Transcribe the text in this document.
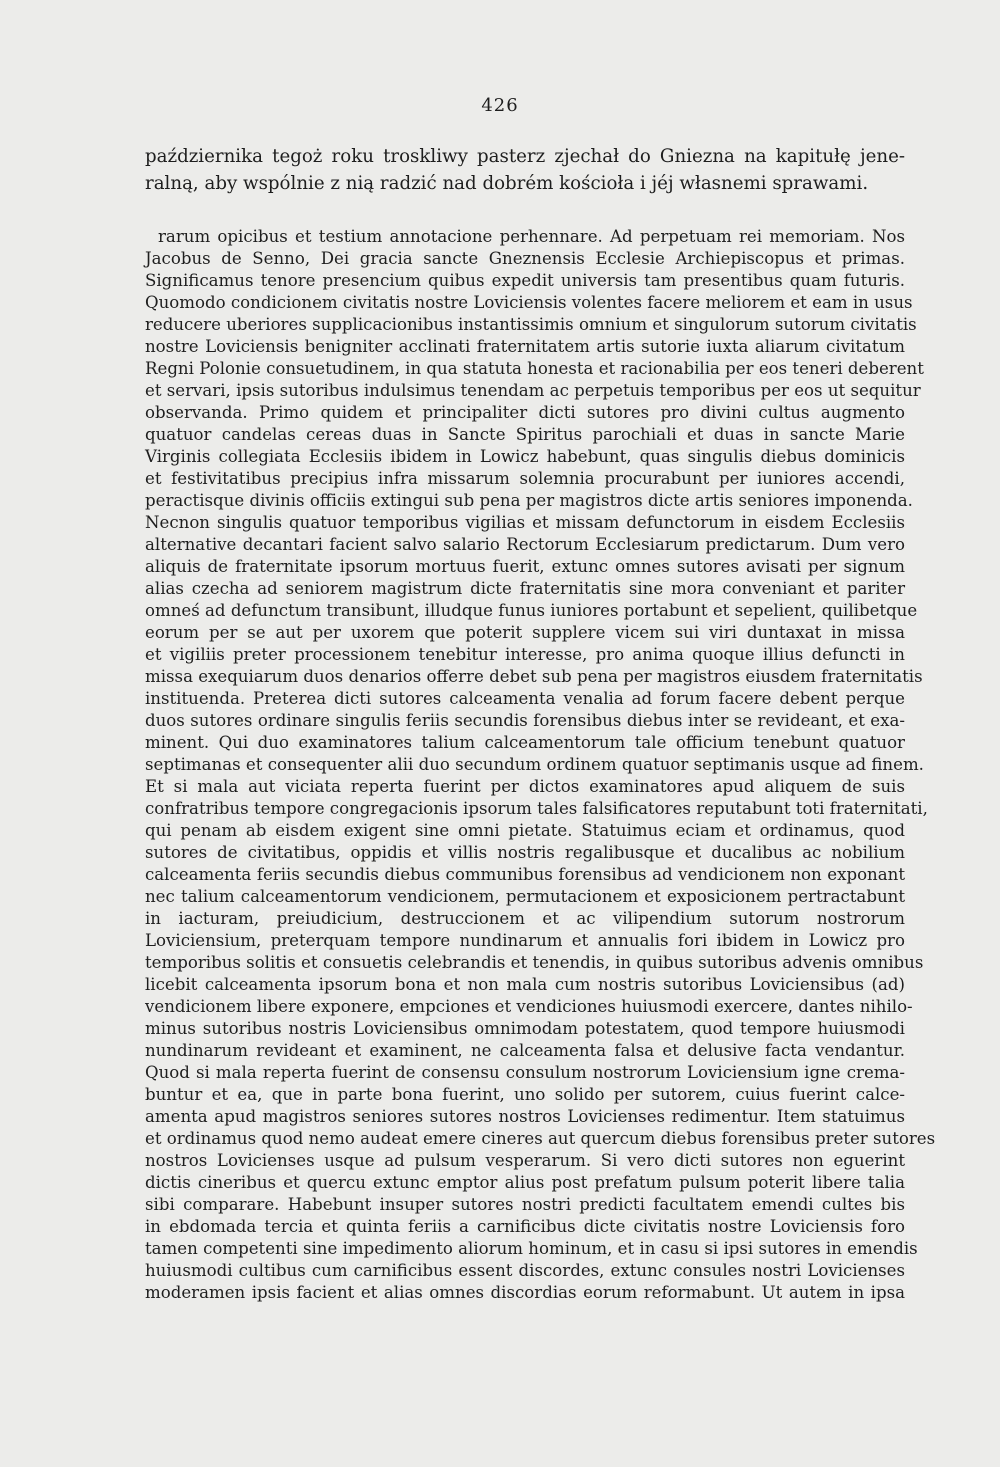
426
października tegoż roku troskliwy pasterz zjechał do Gniezna na kapitułę jene-
ralną, aby wspólnie z nią radzić nad dobrém kościoła i jéj własnemi sprawami.
rarum opicibus et testium annotacione perhennare. Ad perpetuam rei memoriam. Nos
Jacobus de Senno, Dei gracia sancte Gneznensis Ecclesie Archiepiscopus et primas.
Significamus tenore presencium quibus expedit universis tam presentibus quam futuris.
Quomodo condicionem civitatis nostre Loviciensis volentes facere meliorem et eam in usus
reducere uberiores supplicacionibus instantissimis omnium et singulorum sutorum civitatis
nostre Loviciensis benigniter acclinati fraternitatem artis sutorie iuxta aliarum civitatum
Regni Polonie consuetudinem, in qua statuta honesta et racionabilia per eos teneri deberent
et servari, ipsis sutoribus indulsimus tenendam ac perpetuis temporibus per eos ut sequitur
observanda. Primo quidem et principaliter dicti sutores pro divini cultus augmento
quatuor candelas cereas duas in Sancte Spiritus parochiali et duas in sancte Marie
Virginis collegiata Ecclesiis ibidem in Lowicz habebunt, quas singulis diebus dominicis
et festivitatibus precipius infra missarum solemnia procurabunt per iuniores accendi,
peractisque divinis officiis extingui sub pena per magistros dicte artis seniores imponenda.
Necnon singulis quatuor temporibus vigilias et missam defunctorum in eisdem Ecclesiis
alternative decantari facient salvo salario Rectorum Ecclesiarum predictarum. Dum vero
aliquis de fraternitate ipsorum mortuus fuerit, extunc omnes sutores avisati per signum
alias czecha ad seniorem magistrum dicte fraternitatis sine mora conveniant et pariter
omneś ad defunctum transibunt, illudque funus iuniores portabunt et sepelient, quilibetque
eorum per se aut per uxorem que poterit supplere vicem sui viri duntaxat in missa
et vigiliis preter processionem tenebitur interesse, pro anima quoque illius defuncti in
missa exequiarum duos denarios offerre debet sub pena per magistros eiusdem fraternitatis
instituenda. Preterea dicti sutores calceamenta venalia ad forum facere debent perque
duos sutores ordinare singulis feriis secundis forensibus diebus inter se revideant, et exa-
minent. Qui duo examinatores talium calceamentorum tale officium tenebunt quatuor
septimanas et consequenter alii duo secundum ordinem quatuor septimanis usque ad finem.
Et si mala aut viciata reperta fuerint per dictos examinatores apud aliquem de suis
confratribus tempore congregacionis ipsorum tales falsificatores reputabunt toti fraternitati,
qui penam ab eisdem exigent sine omni pietate. Statuimus eciam et ordinamus, quod
sutores de civitatibus, oppidis et villis nostris regalibusque et ducalibus ac nobilium
calceamenta feriis secundis diebus communibus forensibus ad vendicionem non exponant
nec talium calceamentorum vendicionem, permutacionem et exposicionem pertractabunt
in iacturam, preiudicium, destruccionem et ac vilipendium sutorum nostrorum
Loviciensium, preterquam tempore nundinarum et annualis fori ibidem in Lowicz pro
temporibus solitis et consuetis celebrandis et tenendis, in quibus sutoribus advenis omnibus
licebit calceamenta ipsorum bona et non mala cum nostris sutoribus Loviciensibus (ad)
vendicionem libere exponere, empciones et vendiciones huiusmodi exercere, dantes nihilo-
minus sutoribus nostris Loviciensibus omnimodam potestatem, quod tempore huiusmodi
nundinarum revideant et examinent, ne calceamenta falsa et delusive facta vendantur.
Quod si mala reperta fuerint de consensu consulum nostrorum Loviciensium igne crema-
buntur et ea, que in parte bona fuerint, uno solido per sutorem, cuius fuerint calce-
amenta apud magistros seniores sutores nostros Lovicienses redimentur. Item statuimus
et ordinamus quod nemo audeat emere cineres aut quercum diebus forensibus preter sutores
nostros Lovicienses usque ad pulsum vesperarum. Si vero dicti sutores non eguerint
dictis cineribus et quercu extunc emptor alius post prefatum pulsum poterit libere talia
sibi comparare. Habebunt insuper sutores nostri predicti facultatem emendi cultes bis
in ebdomada tercia et quinta feriis a carnificibus dicte civitatis nostre Loviciensis foro
tamen competenti sine impedimento aliorum hominum, et in casu si ipsi sutores in emendis
huiusmodi cultibus cum carnificibus essent discordes, extunc consules nostri Lovicienses
moderamen ipsis facient et alias omnes discordias eorum reformabunt. Ut autem in ipsa
